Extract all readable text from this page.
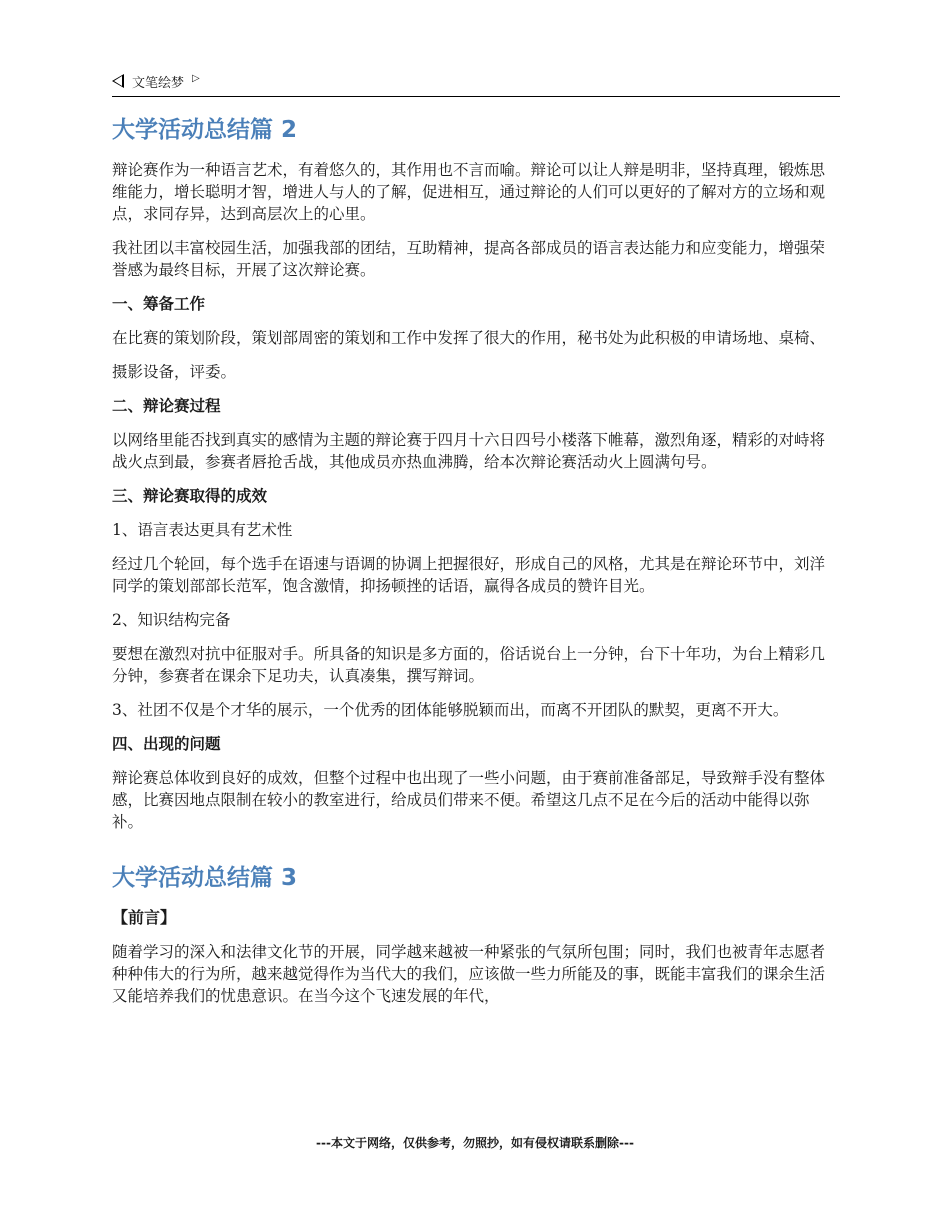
文笔绘梦 ▷
大学活动总结篇 2

辩论赛作为一种语言艺术，有着悠久的，其作用也不言而喻。辩论可以让人辩是明非，坚持真理，锻炼思维能力，增长聪明才智，增进人与人的了解，促进相互，通过辩论的人们可以更好的了解对方的立场和观点，求同存异，达到高层次上的心里。

我社团以丰富校园生活，加强我部的团结，互助精神，提高各部成员的语言表达能力和应变能力，增强荣誉感为最终目标，开展了这次辩论赛。

一、筹备工作

在比赛的策划阶段，策划部周密的策划和工作中发挥了很大的作用，秘书处为此积极的申请场地、桌椅、

摄影设备，评委。

二、辩论赛过程

以网络里能否找到真实的感情为主题的辩论赛于四月十六日四号小楼落下帷幕，激烈角逐，精彩的对峙将战火点到最，参赛者唇抢舌战，其他成员亦热血沸腾，给本次辩论赛活动火上圆满句号。

三、辩论赛取得的成效

1、语言表达更具有艺术性

经过几个轮回，每个选手在语速与语调的协调上把握很好，形成自己的风格，尤其是在辩论环节中，刘洋同学的策划部部长范军，饱含激情，抑扬顿挫的话语，赢得各成员的赞许目光。

2、知识结构完备

要想在激烈对抗中征服对手。所具备的知识是多方面的，俗话说台上一分钟，台下十年功，为台上精彩几分钟，参赛者在课余下足功夫，认真凑集，撰写辩词。

3、社团不仅是个才华的展示，一个优秀的团体能够脱颖而出，而离不开团队的默契，更离不开大。

四、出现的问题

辩论赛总体收到良好的成效，但整个过程中也出现了一些小问题，由于赛前准备部足，导致辩手没有整体感，比赛因地点限制在较小的教室进行，给成员们带来不便。希望这几点不足在今后的活动中能得以弥补。

大学活动总结篇 3
【前言】

随着学习的深入和法律文化节的开展，同学越来越被一种紧张的气氛所包围；同时，我们也被青年志愿者种种伟大的行为所，越来越觉得作为当代大的我们，应该做一些力所能及的事，既能丰富我们的课余生活又能培养我们的忧患意识。在当今这个飞速发展的年代，

---本文于网络，仅供参考，勿照抄，如有侵权请联系删除---
